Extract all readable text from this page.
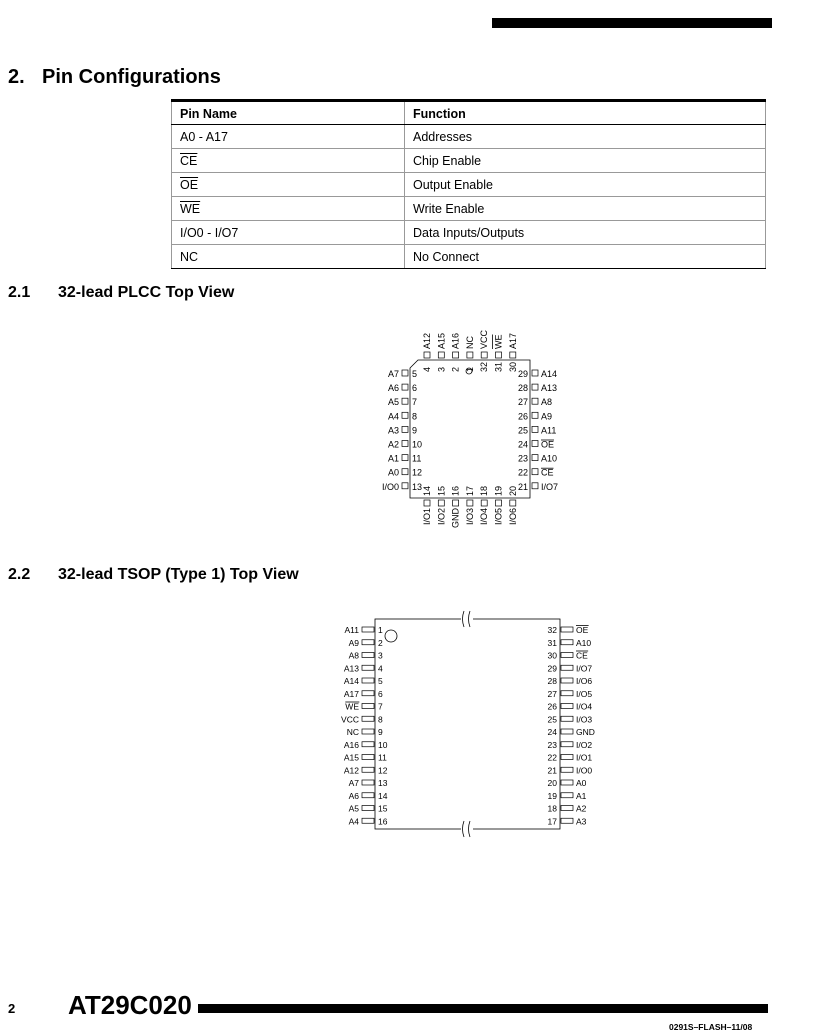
2. Pin Configurations
Pin Name	Function
A0 - A17	Addresses
$\overline{CE}$	Chip Enable
$\overline{OE}$	Output Enable
$\overline{WE}$	Write Enable
I/O0 - I/O7	Data Inputs/Outputs
NC	No Connect
2.1 32-lead PLCC Top View
5
A7
6
A6
7
A5
8
A4
9
A3
10
A2
11
A1
12
A0
13
I/O0
29 A14
28 A13
27 A8
26 A9
25 A11
24 OE
23 A10
22 CE
21 I/O7
4
A12
3
A15
2
A16
1
NC
32
VCC
31
WE
30
A17
14
I/O1
15
I/O2
16
GND
17
I/O3
18
I/O4
19
I/O5
20
I/O6
2.2 32-lead TSOP (Type 1) Top View
1
A11
2
A9
3
A8
4
A13
5
A14
6
A17
7
WE
8
VCC
9
NC
10
A16
11
A15
12
A12
13
A7
14
A6
15
A5
16
A4
32 OE
31 A10
30 CE
29 I/O7
28 I/O6
27 I/O5
26 I/O4
25 I/O3
24 GND
23 I/O2
22 I/O1
21 I/O0
20 A0
19 A1
18 A2
17 A3
2 AT29C020
0291S–FLASH–11/08
